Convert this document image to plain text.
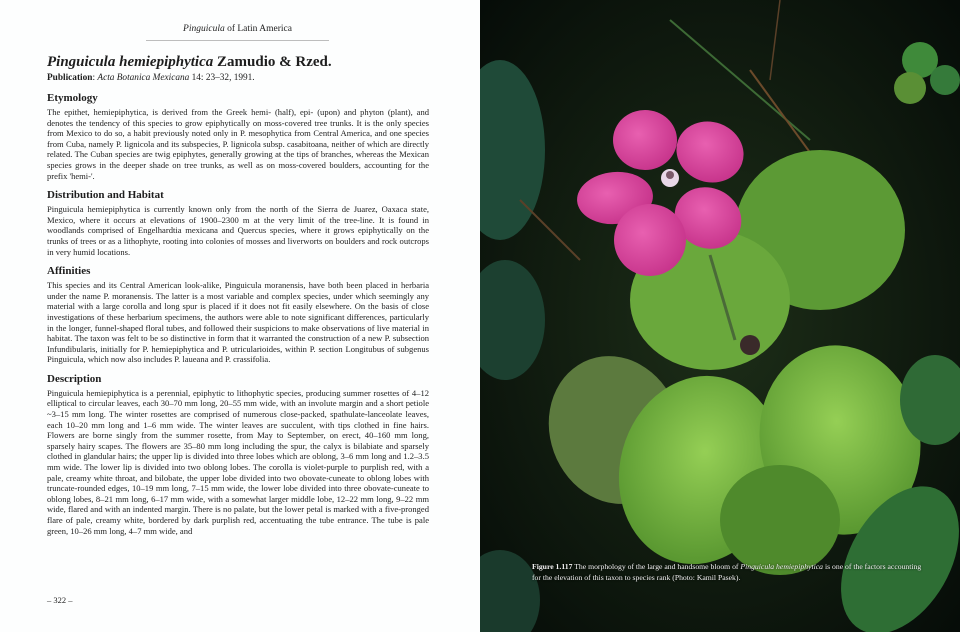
Pinguicula of Latin America
Pinguicula hemiepiphytica Zamudio & Rzed.

Publication: Acta Botanica Mexicana 14: 23–32, 1991.

Etymology

The epithet, hemiepiphytica, is derived from the Greek hemi- (half), epi- (upon) and phyton (plant), and denotes the tendency of this species to grow epiphytically on moss-covered tree trunks. It is the only species from Mexico to do so, a habit previously noted only in P. mesophytica from Central America, and one species from Cuba, namely P. lignicola and its subspecies, P. lignicola subsp. casabitoana, neither of which are directly related. The Cuban species are twig epiphytes, generally growing at the tips of branches, whereas the Mexican species grows in the deeper shade on tree trunks, as well as on moss-covered boulders, accounting for the prefix 'hemi-'.

Distribution and Habitat

Pinguicula hemiepiphytica is currently known only from the north of the Sierra de Juarez, Oaxaca state, Mexico, where it occurs at elevations of 1900–2300 m at the very limit of the tree-line. It is found in woodlands comprised of Engelhardtia mexicana and Quercus species, where it grows epiphytically on the trunks of trees or as a lithophyte, rooting into colonies of mosses and liverworts on boulders and rock outcrops in very humid locations.

Affinities

This species and its Central American look-alike, Pinguicula moranensis, have both been placed in herbaria under the name P. moranensis. The latter is a most variable and complex species, under which seemingly any material with a large corolla and long spur is placed if it does not fit easily elsewhere. On the basis of close investigations of these herbarium specimens, the authors were able to note significant differences, particularly in the longer, funnel-shaped floral tubes, and followed their suspicions to make observations of live material in habitat. The taxon was felt to be so distinctive in form that it warranted the construction of a new P. subsection Infundibularis, initially for P. hemiepiphytica and P. utricularioides, within P. section Longitubus of subgenus Pinguicula, which now also includes P. laueana and P. crassifolia.

Description

Pinguicula hemiepiphytica is a perennial, epiphytic to lithophytic species, producing summer rosettes of 4–12 elliptical to circular leaves, each 30–70 mm long, 20–55 mm wide, with an involute margin and a short petiole ~3–15 mm long. The winter rosettes are comprised of numerous close-packed, spathulate-lanceolate leaves, each 10–20 mm long and 1–6 mm wide. The winter leaves are succulent, with tips clothed in fine hairs. Flowers are borne singly from the summer rosette, from May to September, on erect, 40–160 mm long, sparsely hairy scapes. The flowers are 35–80 mm long including the spur, the calyx is bilabiate and sparsely clothed in glandular hairs; the upper lip is divided into three lobes which are oblong, 3–6 mm long and 1.2–3.5 mm wide. The lower lip is divided into two oblong lobes. The corolla is violet-purple to purplish red, with a pale, creamy white throat, and bilobate, the upper lobe divided into two obovate-cuneate to oblong lobes with truncate-rounded edges, 10–19 mm long, 7–15 mm wide, the lower lobe divided into three obovate-cuneate to oblong lobes, 8–21 mm long, 6–17 mm wide, with a somewhat larger middle lobe, 12–22 mm long, 9–22 mm wide, flared and with an indented margin. There is no palate, but the lower petal is marked with a five-pronged flare of pale, creamy white, bordered by dark purplish red, accentuating the tube entrance. The tube is pale green, 10–26 mm long, 4–7 mm wide, and

– 322 –
Figure 1.117 The morphology of the large and handsome bloom of Pinguicula hemiepiphytica is one of the factors accounting for the elevation of this taxon to species rank (Photo: Kamil Pasek).
